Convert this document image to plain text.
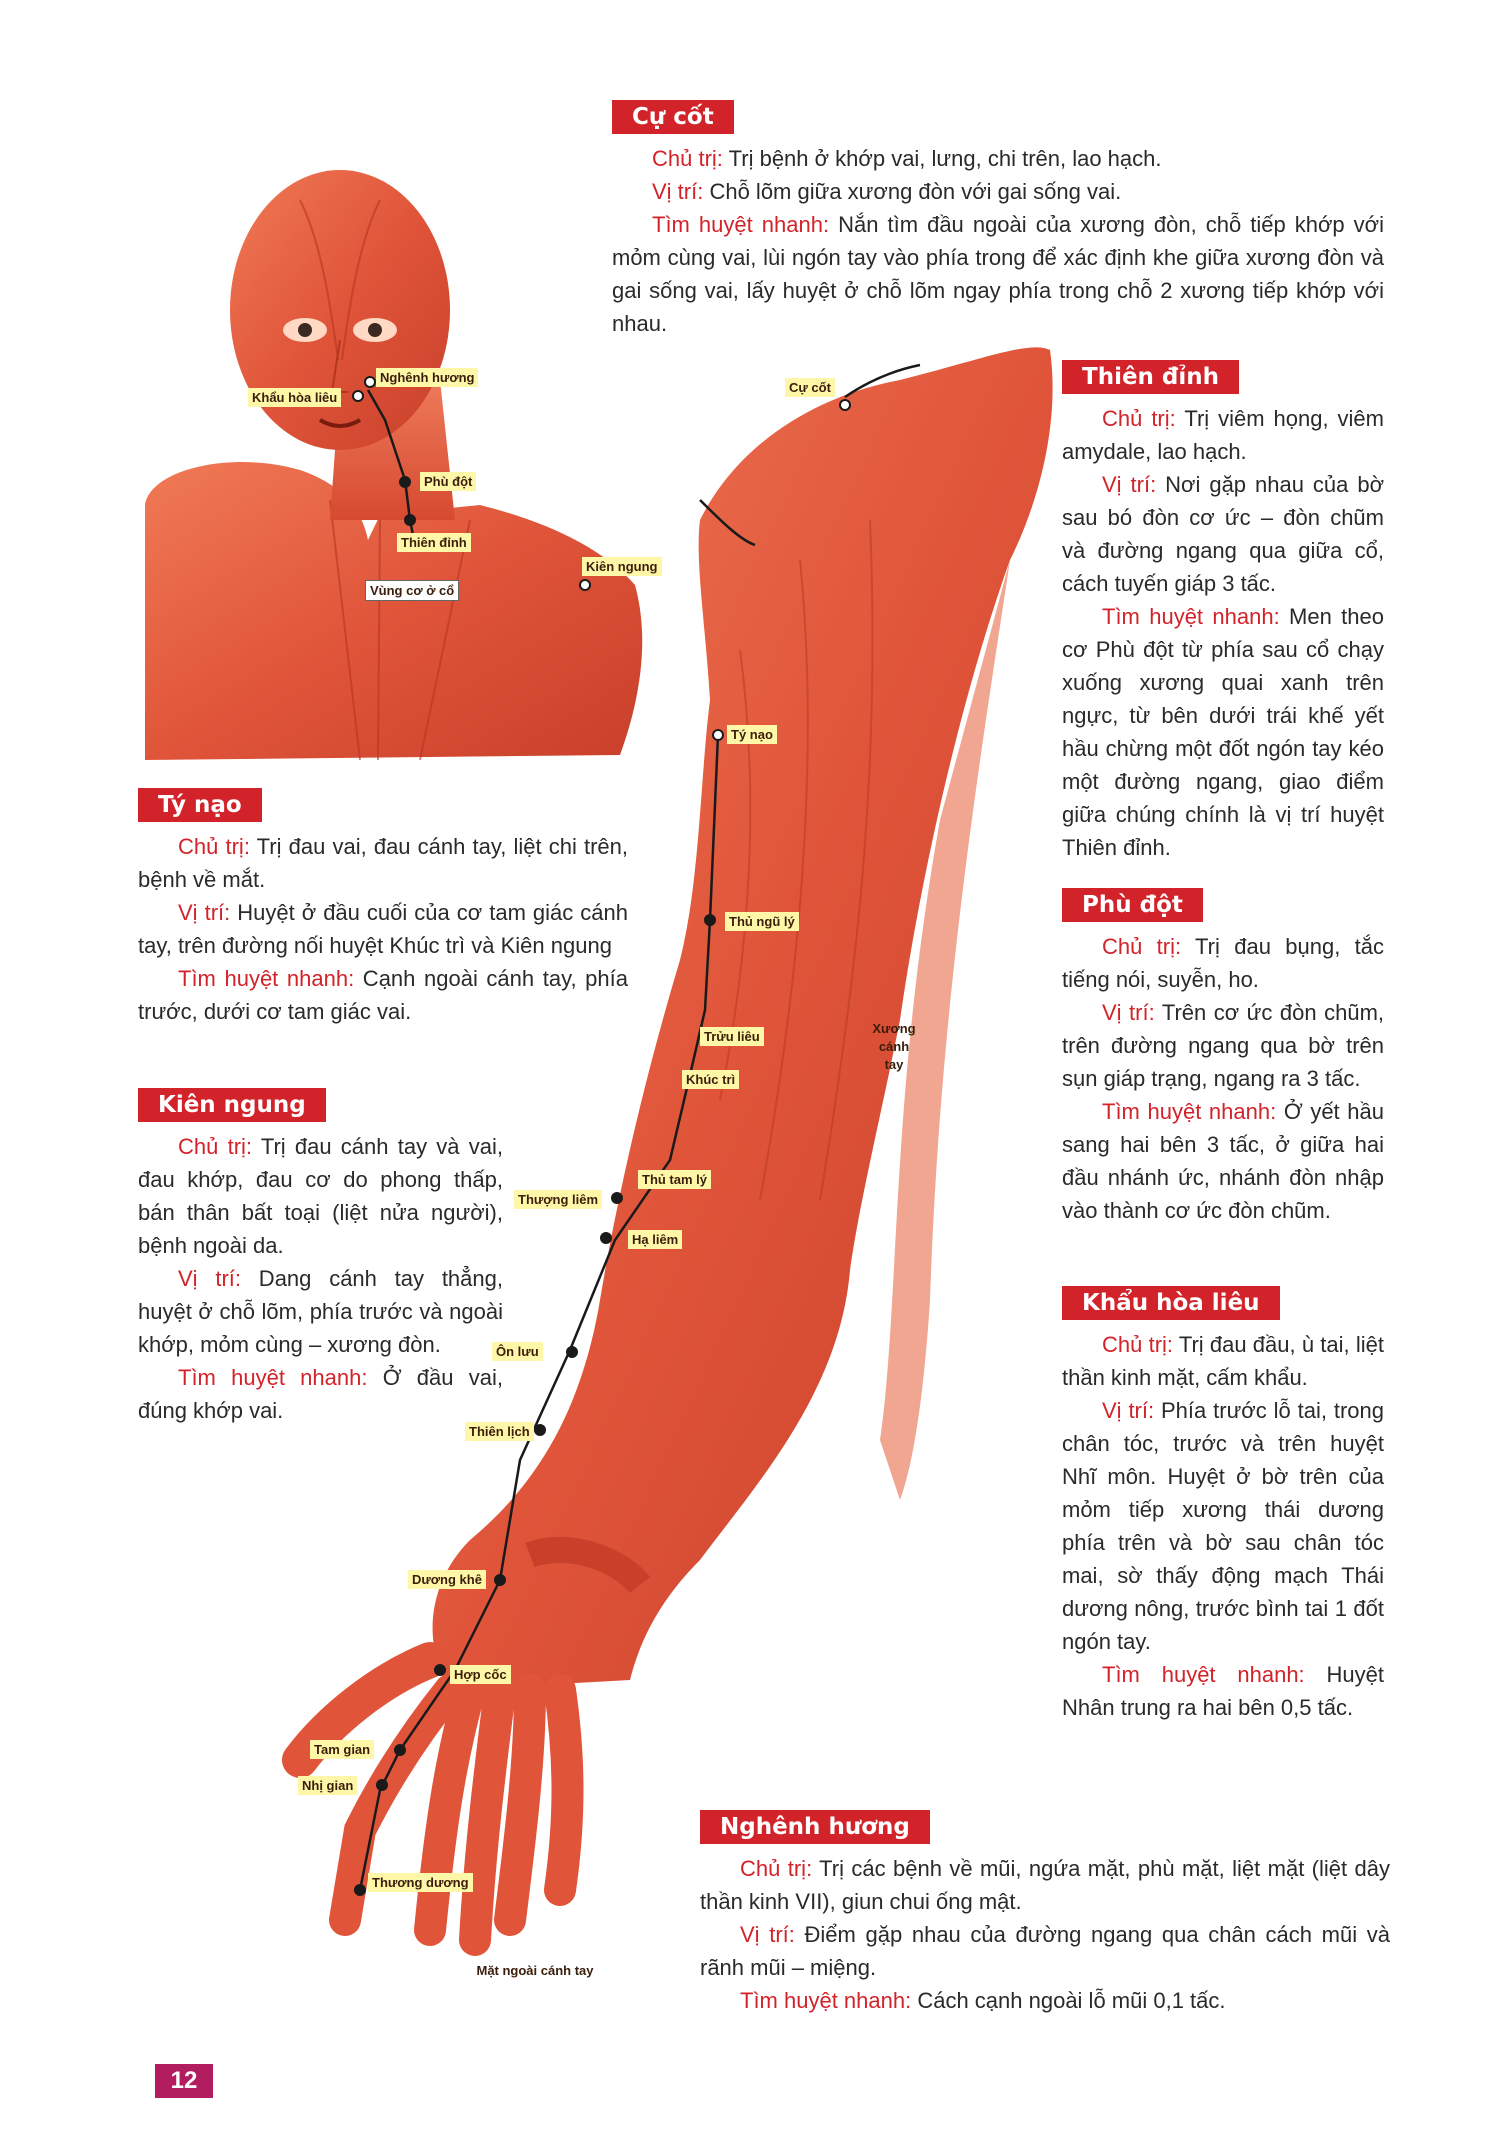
Nghênh hương
Khẩu hòa liêu
Phù đột
Thiên đỉnh
Vùng cơ ở cổ
Kiên ngung
Cự cốt
Tý nạo
Thủ ngũ lý
Trửu liêu
Khúc trì
Xương cánh tay
Thủ tam lý
Thượng liêm
Hạ liêm
Ôn lưu
Thiên lịch
Dương khê
Hợp cốc
Tam gian
Nhị gian
Thương dương
Mặt ngoài cánh tay
Cự cốt

Chủ trị: Trị bệnh ở khớp vai, lưng, chi trên, lao hạch.

Vị trí: Chỗ lõm giữa xương đòn với gai sống vai.

Tìm huyệt nhanh: Nắn tìm đầu ngoài của xương đòn, chỗ tiếp khớp với mỏm cùng vai, lùi ngón tay vào phía trong để xác định khe giữa xương đòn và gai sống vai, lấy huyệt ở chỗ lõm ngay phía trong chỗ 2 xương tiếp khớp với nhau.

Thiên đỉnh

Chủ trị: Trị viêm họng, viêm amydale, lao hạch.

Vị trí: Nơi gặp nhau của bờ sau bó đòn cơ ức – đòn chũm và đường ngang qua giữa cổ, cách tuyến giáp 3 tấc.

Tìm huyệt nhanh: Men theo cơ Phù đột từ phía sau cổ chạy xuống xương quai xanh trên ngực, từ bên dưới trái khế yết hầu chừng một đốt ngón tay kéo một đường ngang, giao điểm giữa chúng chính là vị trí huyệt Thiên đỉnh.

Phù đột

Chủ trị: Trị đau bụng, tắc tiếng nói, suyễn, ho.

Vị trí: Trên cơ ức đòn chũm, trên đường ngang qua bờ trên sụn giáp trạng, ngang ra 3 tấc.

Tìm huyệt nhanh: Ở yết hầu sang hai bên 3 tấc, ở giữa hai đầu nhánh ức, nhánh đòn nhập vào thành cơ ức đòn chũm.

Khẩu hòa liêu

Chủ trị: Trị đau đầu, ù tai, liệt thần kinh mặt, cấm khẩu.

Vị trí: Phía trước lỗ tai, trong chân tóc, trước và trên huyệt Nhĩ môn. Huyệt ở bờ trên của mỏm tiếp xương thái dương phía trên và bờ sau chân tóc mai, sờ thấy động mạch Thái dương nông, trước bình tai 1 đốt ngón tay.

Tìm huyệt nhanh: Huyệt Nhân trung ra hai bên 0,5 tấc.

Nghênh hương

Chủ trị: Trị các bệnh về mũi, ngứa mặt, phù mặt, liệt mặt (liệt dây thần kinh VII), giun chui ống mật.

Vị trí: Điểm gặp nhau của đường ngang qua chân cách mũi và rãnh mũi – miệng.

Tìm huyệt nhanh: Cách cạnh ngoài lỗ mũi 0,1 tấc.

Tý nạo

Chủ trị: Trị đau vai, đau cánh tay, liệt chi trên, bệnh về mắt.

Vị trí: Huyệt ở đầu cuối của cơ tam giác cánh tay, trên đường nối huyệt Khúc trì và Kiên ngung

Tìm huyệt nhanh: Cạnh ngoài cánh tay, phía trước, dưới cơ tam giác vai.

Kiên ngung

Chủ trị: Trị đau cánh tay và vai, đau khớp, đau cơ do phong thấp, bán thân bất toại (liệt nửa người), bệnh ngoài da.

Vị trí: Dang cánh tay thẳng, huyệt ở chỗ lõm, phía trước và ngoài khớp, mỏm cùng – xương đòn.

Tìm huyệt nhanh: Ở đầu vai, đúng khớp vai.

12
